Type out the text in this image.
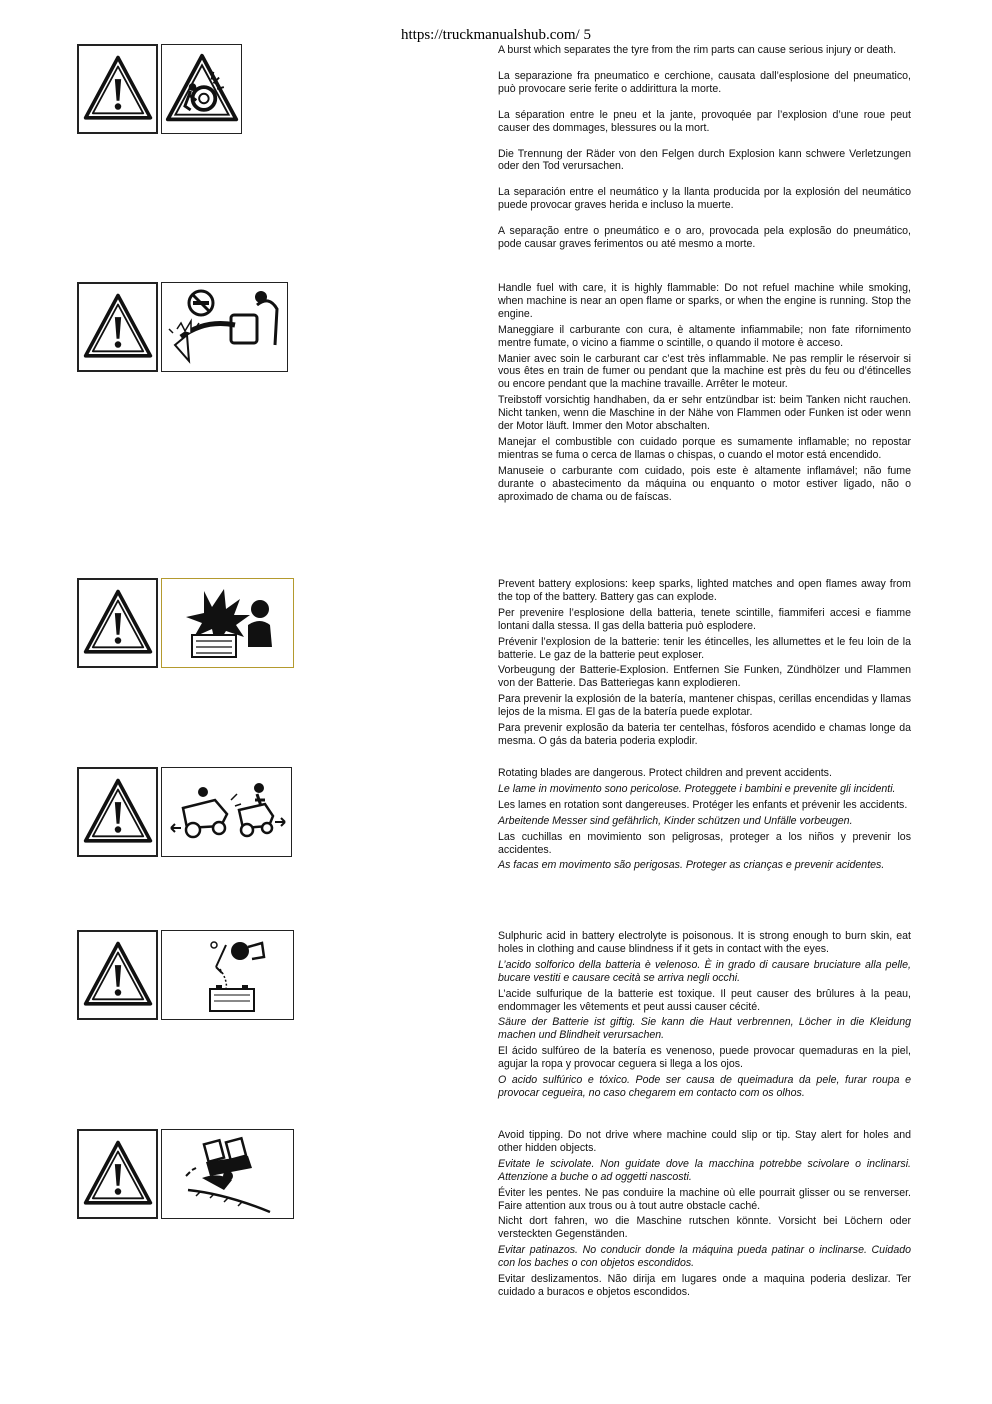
https://truckmanualshub.com/ 5

A burst which separates the tyre from the rim parts can cause serious injury or death.

La separazione fra pneumatico e cerchione, causata dall’esplosione del pneumatico, può provocare serie ferite o addirittura la morte.

La séparation entre le pneu et la jante, provoquée par l’explosion d’une roue peut causer des dommages, blessures ou la mort.

Die Trennung der Räder von den Felgen durch Explosion kann schwere Verletzungen oder den Tod verursachen.

La separación entre el neumático y la llanta producida por la explosión del neumático puede provocar graves herida e incluso la muerte.

A separação entre o pneumático e o aro, provocada pela explosão do pneumático, pode causar graves ferimentos ou até mesmo a morte.

Handle fuel with care, it is highly flammable: Do not refuel machine while smoking, when machine is near an open flame or sparks, or when the engine is running. Stop the engine.

Maneggiare il carburante con cura, è altamente infiammabile; non fate rifornimento mentre fumate, o vicino a fiamme o scintille, o quando il motore è acceso.

Manier avec soin le carburant car c’est très inflammable. Ne pas remplir le réservoir si vous êtes en train de fumer ou pendant que la machine est près du feu ou d’étincelles ou encore pendant que la machine travaille. Arrêter le moteur.

Treibstoff vorsichtig handhaben, da er sehr entzündbar ist: beim Tanken nicht rauchen. Nicht tanken, wenn die Maschine in der Nähe von Flammen oder Funken ist oder wenn der Motor läuft. Immer den Motor abschalten.

Manejar el combustible con cuidado porque es sumamente inflamable; no repostar mientras se fuma o cerca de llamas o chispas, o cuando el motor está encendido.

Manuseie o carburante com cuidado, pois este è altamente inflamável; não fume durante o abastecimento da máquina ou enquanto o motor estiver ligado, não o aproximado de chama ou de faíscas.

Prevent battery explosions: keep sparks, lighted matches and open flames away from the top of the battery. Battery gas can explode.

Per prevenire l’esplosione della batteria, tenete scintille, fiammiferi accesi e fiamme lontani dalla stessa. Il gas della batteria può esplodere.

Prévenir l’explosion de la batterie: tenir les étincelles, les allumettes et le feu loin de la batterie. Le gaz de la batterie peut exploser.

Vorbeugung der Batterie-Explosion. Entfernen Sie Funken, Zündhölzer und Flammen von der Batterie. Das Batteriegas kann explodieren.

Para prevenir la explosión de la batería, mantener chispas, cerillas encendidas y llamas lejos de la misma. El gas de la batería puede explotar.

Para prevenir explosão da bateria ter centelhas, fósforos acendido e chamas longe da mesma. O gás da bateria poderia explodir.

Rotating blades are dangerous. Protect children and prevent accidents.

Le lame in movimento sono pericolose. Proteggete i bambini e prevenite gli incidenti.

Les lames en rotation sont dangereuses. Protéger les enfants et prévenir les accidents.

Arbeitende Messer sind gefährlich, Kinder schützen und Unfälle vorbeugen.

Las cuchillas en movimiento son peligrosas, proteger a los niños y prevenir los accidentes.

As facas em movimento são perigosas. Proteger as crianças e prevenir acidentes.

Sulphuric acid in battery electrolyte is poisonous. It is strong enough to burn skin, eat holes in clothing and cause blindness if it gets in contact with the eyes.

L’acido solforico della batteria è velenoso. È in grado di causare bruciature alla pelle, bucare vestiti e causare cecità se arriva negli occhi.

L’acide sulfurique de la batterie est toxique. Il peut causer des brûlures à la peau, endommager les vêtements et peut aussi causer cécité.

Säure der Batterie ist giftig. Sie kann die Haut verbrennen, Löcher in die Kleidung machen und Blindheit verursachen.

El ácido sulfúreo de la batería es venenoso, puede provocar quemaduras en la piel, agujar la ropa y provocar ceguera si llega a los ojos.

O acido sulfúrico e tóxico. Pode ser causa de queimadura da pele, furar roupa e provocar cegueira, no caso chegarem em contacto com os olhos.

Avoid tipping. Do not drive where machine could slip or tip. Stay alert for holes and other hidden objects.

Evitate le scivolate. Non guidate dove la macchina potrebbe scivolare o inclinarsi. Attenzione a buche o ad oggetti nascosti.

Éviter les pentes. Ne pas conduire la machine où elle pourrait glisser ou se renverser. Faire attention aux trous ou à tout autre obstacle caché.

Nicht dort fahren, wo die Maschine rutschen könnte. Vorsicht bei Löchern oder versteckten Gegenständen.

Evitar patinazos. No conducir donde la máquina pueda patinar o inclinarse. Cuidado con los baches o con objetos escondidos.

Evitar deslizamentos. Não dirija em lugares onde a maquina poderia deslizar. Ter cuidado a buracos e objetos escondidos.
